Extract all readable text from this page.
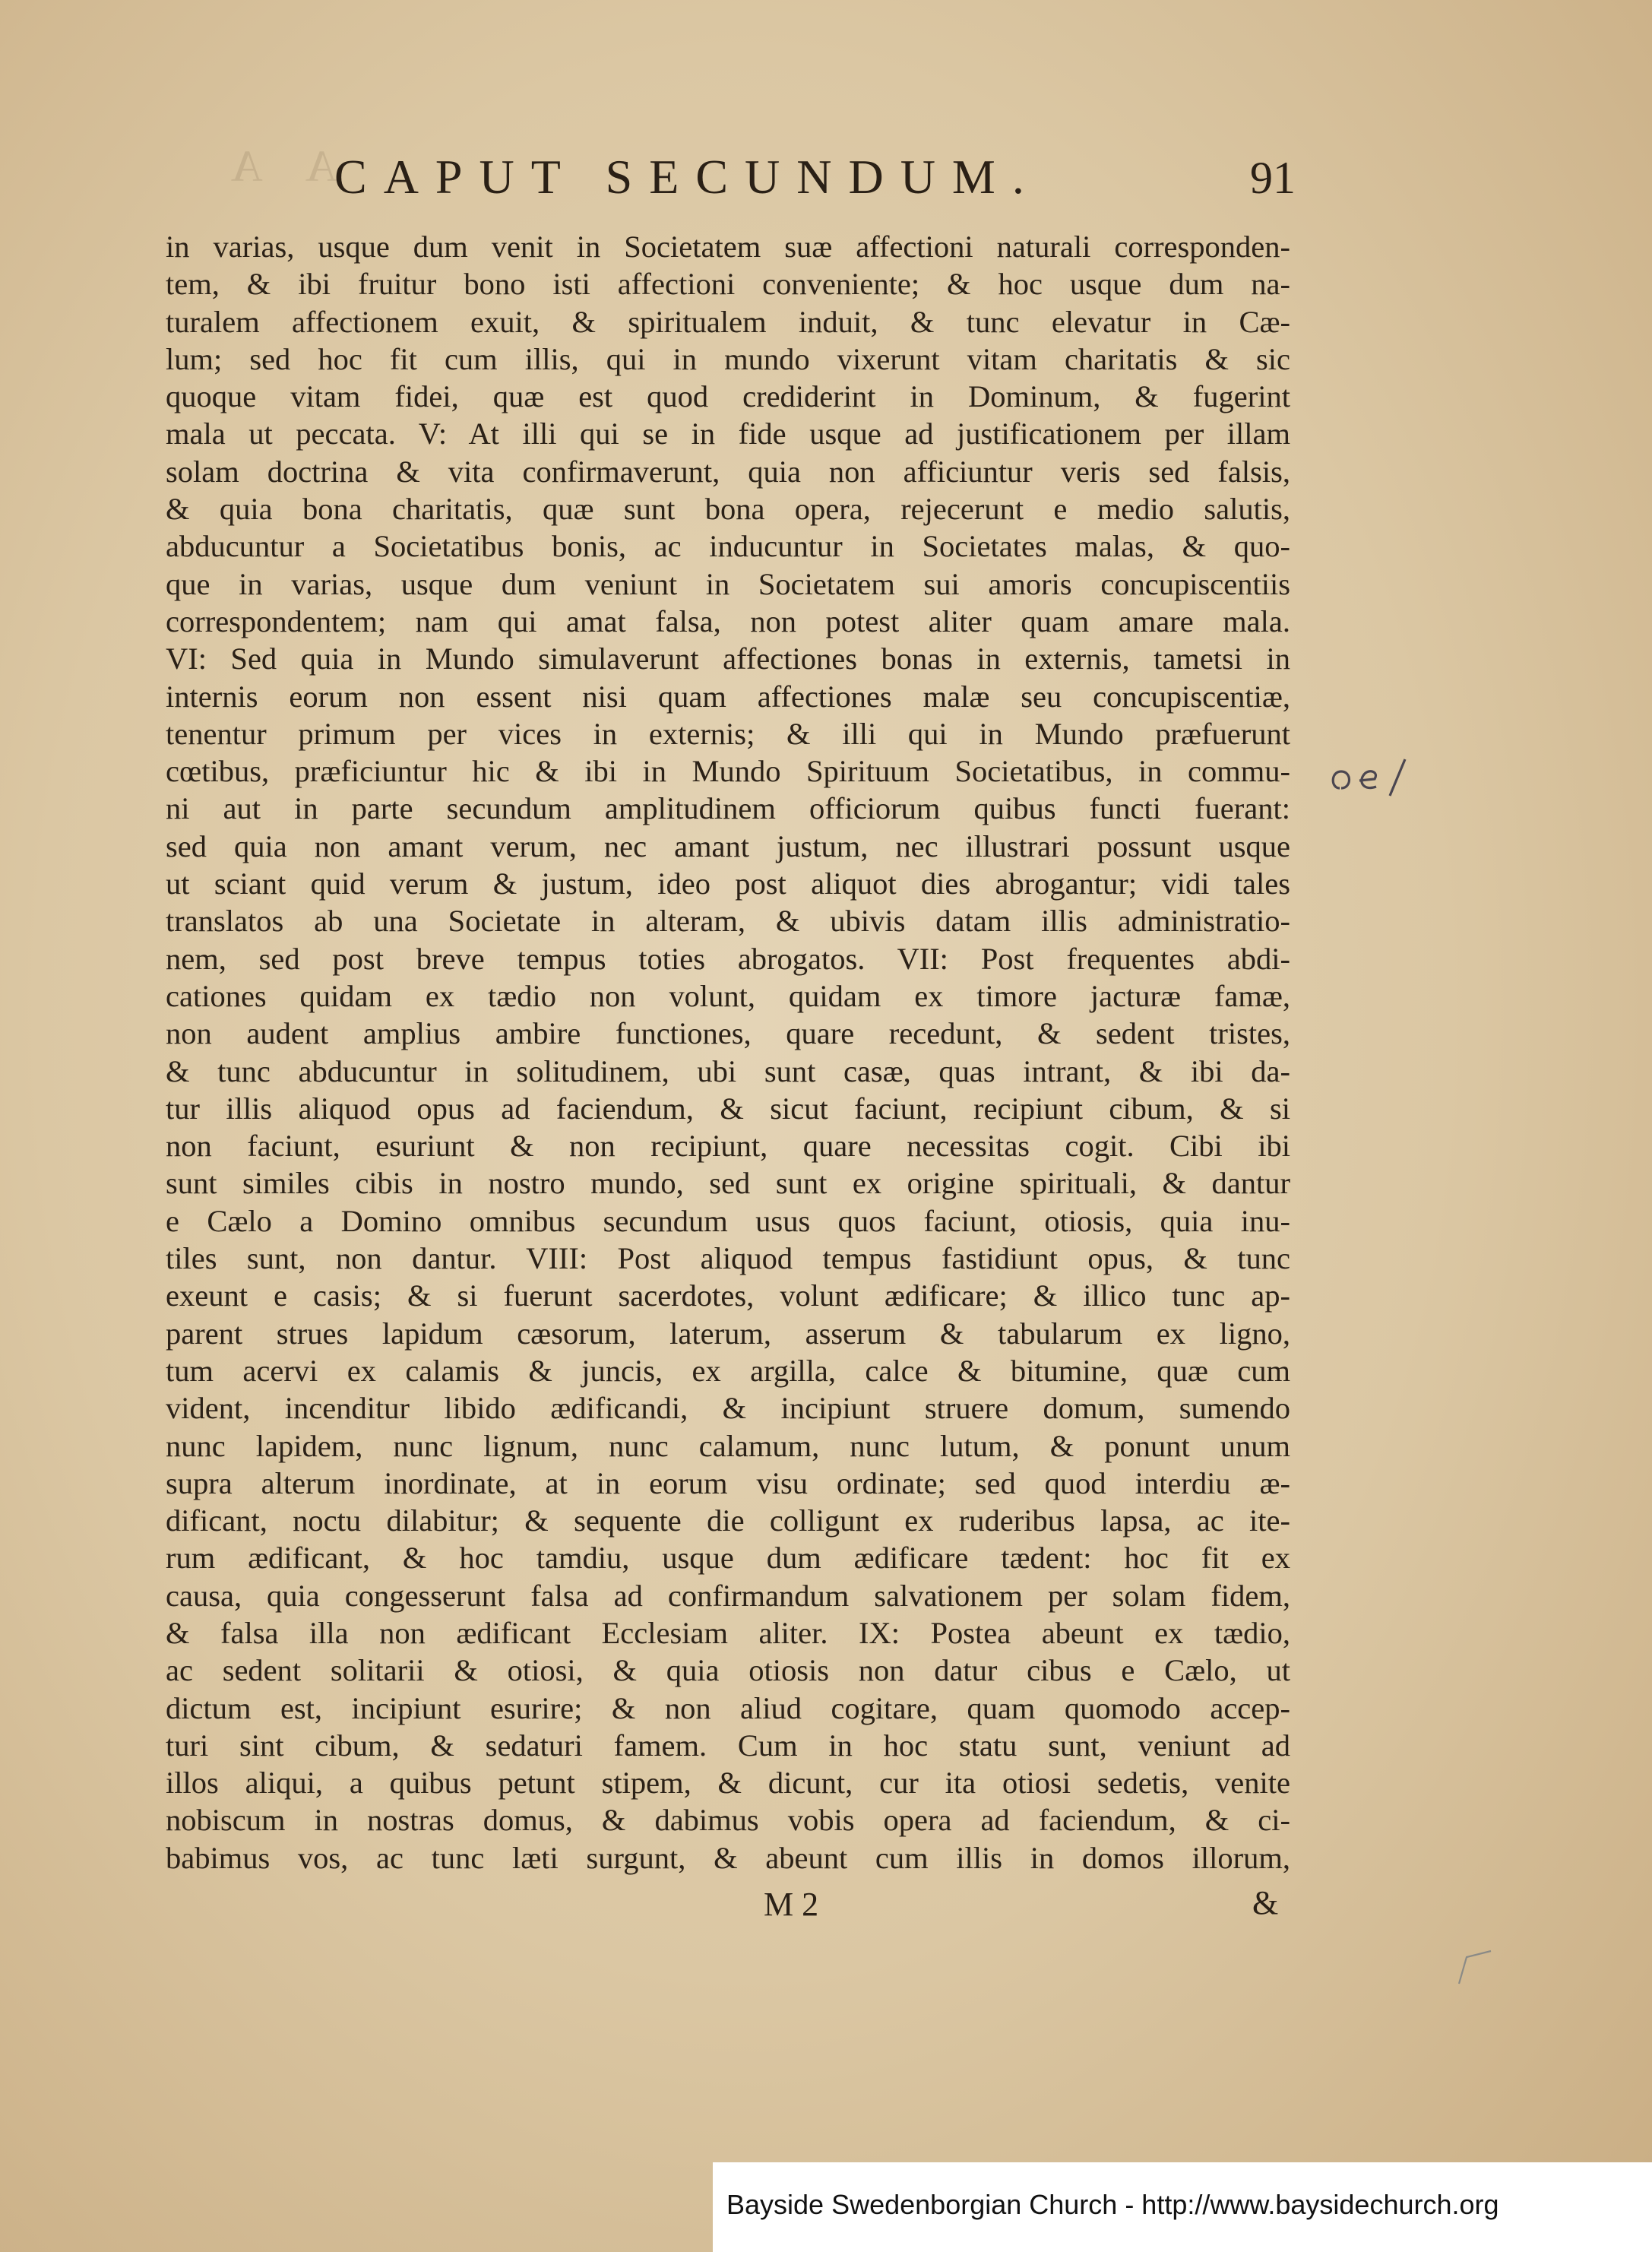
A A
CAPUT SECUNDUM.	91
in varias, usque dum venit in Societatem suæ affectioni naturali corresponden-
tem, & ibi fruitur bono isti affectioni conveniente; & hoc usque dum na-
turalem affectionem exuit, & spiritualem induit, & tunc elevatur in Cæ-
lum; sed hoc fit cum illis, qui in mundo vixerunt vitam charitatis & sic
quoque vitam fidei, quæ est quod crediderint in Dominum, & fugerint
mala ut peccata. V: At illi qui se in fide usque ad justificationem per illam
solam doctrina & vita confirmaverunt, quia non afficiuntur veris sed falsis,
& quia bona charitatis, quæ sunt bona opera, rejecerunt e medio salutis,
abducuntur a Societatibus bonis, ac inducuntur in Societates malas, & quo-
que in varias, usque dum veniunt in Societatem sui amoris concupiscentiis
correspondentem; nam qui amat falsa, non potest aliter quam amare mala.
VI: Sed quia in Mundo simulaverunt affectiones bonas in externis, tametsi in
internis eorum non essent nisi quam affectiones malæ seu concupiscentiæ,
tenentur primum per vices in externis; & illi qui in Mundo præfuerunt
cœtibus, præficiuntur hic & ibi in Mundo Spirituum Societatibus, in commu-
ni aut in parte secundum amplitudinem officiorum quibus functi fuerant:
sed quia non amant verum, nec amant justum, nec illustrari possunt usque
ut sciant quid verum & justum, ideo post aliquot dies abrogantur; vidi tales
translatos ab una Societate in alteram, & ubivis datam illis administratio-
nem, sed post breve tempus toties abrogatos. VII: Post frequentes abdi-
cationes quidam ex tædio non volunt, quidam ex timore jacturæ famæ,
non audent amplius ambire functiones, quare recedunt, & sedent tristes,
& tunc abducuntur in solitudinem, ubi sunt casæ, quas intrant, & ibi da-
tur illis aliquod opus ad faciendum, & sicut faciunt, recipiunt cibum, & si
non faciunt, esuriunt & non recipiunt, quare necessitas cogit. Cibi ibi
sunt similes cibis in nostro mundo, sed sunt ex origine spirituali, & dantur
e Cælo a Domino omnibus secundum usus quos faciunt, otiosis, quia inu-
tiles sunt, non dantur. VIII: Post aliquod tempus fastidiunt opus, & tunc
exeunt e casis; & si fuerunt sacerdotes, volunt ædificare; & illico tunc ap-
parent strues lapidum cæsorum, laterum, asserum & tabularum ex ligno,
tum acervi ex calamis & juncis, ex argilla, calce & bitumine, quæ cum
vident, incenditur libido ædificandi, & incipiunt struere domum, sumendo
nunc lapidem, nunc lignum, nunc calamum, nunc lutum, & ponunt unum
supra alterum inordinate, at in eorum visu ordinate; sed quod interdiu æ-
dificant, noctu dilabitur; & sequente die colligunt ex ruderibus lapsa, ac ite-
rum ædificant, & hoc tamdiu, usque dum ædificare tædent: hoc fit ex
causa, quia congesserunt falsa ad confirmandum salvationem per solam fidem,
& falsa illa non ædificant Ecclesiam aliter. IX: Postea abeunt ex tædio,
ac sedent solitarii & otiosi, & quia otiosis non datur cibus e Cælo, ut
dictum est, incipiunt esurire; & non aliud cogitare, quam quomodo accep-
turi sint cibum, & sedaturi famem. Cum in hoc statu sunt, veniunt ad
illos aliqui, a quibus petunt stipem, & dicunt, cur ita otiosi sedetis, venite
nobiscum in nostras domus, & dabimus vobis opera ad faciendum, & ci-
babimus vos, ac tunc læti surgunt, & abeunt cum illis in domos illorum,
M 2	&
Bayside Swedenborgian Church - http://www.baysidechurch.org
